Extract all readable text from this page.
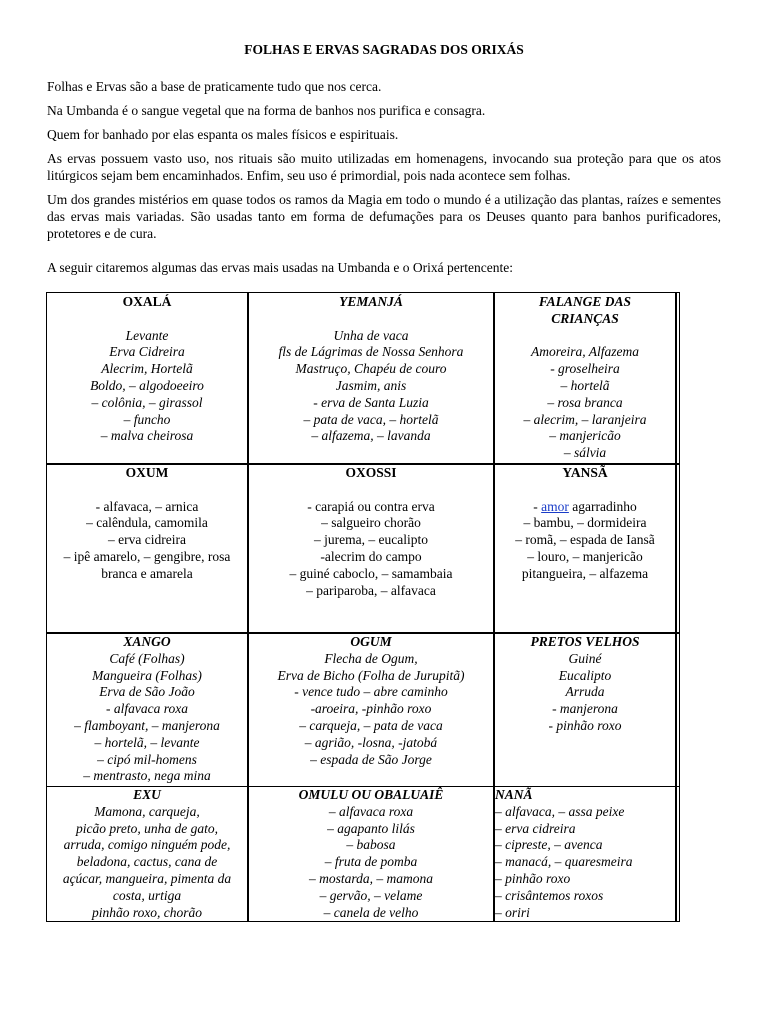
FOLHAS E ERVAS SAGRADAS DOS ORIXÁS

Folhas e Ervas são a base de praticamente tudo que nos cerca.

Na Umbanda é o sangue vegetal que na forma de banhos nos purifica e consagra.

Quem for banhado por elas espanta os males físicos e espirituais.

As ervas possuem vasto uso, nos rituais são muito utilizadas em homenagens, invocando sua proteção para que os atos litúrgicos sejam bem encaminhados. Enfim, seu uso é primordial, pois nada acontece sem folhas.

Um dos grandes mistérios em quase todos os ramos da Magia em todo o mundo é a utilização das plantas, raízes e sementes das ervas mais variadas. São usadas tanto em forma de defumações para os Deuses quanto para banhos purificadores, protetores e de cura.

A seguir citaremos algumas das ervas mais usadas na Umbanda e o Orixá pertencente:

OXALÁ
Levante
Erva Cidreira
Alecrim, Hortelã
Boldo, – algodoeeiro
– colônia, – girassol
– funcho
– malva cheirosa
YEMANJÁ
Unha de vaca
fls de Lágrimas de Nossa Senhora
Mastruço, Chapéu de couro
Jasmim, anis
- erva de Santa Luzia
– pata de vaca, – hortelã
– alfazema, – lavanda
FALANGE DAS
CRIANÇAS
Amoreira, Alfazema
- groselheira
– hortelã
– rosa branca
– alecrim, – laranjeira
– manjericão
– sálvia
OXUM
- alfavaca, – arnica
– calêndula, camomila
– erva cidreira
– ipê amarelo, – gengibre, rosa
branca e amarela
OXOSSI
- carapiá ou contra erva
– salgueiro chorão
– jurema, – eucalipto
-alecrim do campo
– guiné caboclo, – samambaia
– pariparoba, – alfavaca
YANSÃ
- amor agarradinho
– bambu, – dormideira
– romã, – espada de Iansã
– louro, – manjericão
pitangueira, – alfazema
XANGO
Café (Folhas)
Mangueira (Folhas)
Erva de São João
- alfavaca roxa
– flamboyant, – manjerona
– hortelã, – levante
– cipó mil-homens
– mentrasto, nega mina
OGUM
Flecha de Ogum,
Erva de Bicho (Folha de Jurupitã)
- vence tudo – abre caminho
-aroeira, -pinhão roxo
– carqueja, – pata de vaca
– agrião, -losna, -jatobá
– espada de São Jorge
PRETOS VELHOS
Guiné
Eucalipto
Arruda
- manjerona
- pinhão roxo
EXU
Mamona, carqueja,
picão preto, unha de gato,
arruda, comigo ninguém pode,
beladona, cactus, cana de
açúcar, mangueira, pimenta da
costa, urtiga
pinhão roxo, chorão
OMULU OU OBALUAIÊ
– alfavaca roxa
– agapanto lilás
– babosa
– fruta de pomba
– mostarda, – mamona
– gervão, – velame
– canela de velho
NANÃ
– alfavaca, – assa peixe
– erva cidreira
– cipreste, – avenca
– manacá, – quaresmeira
– pinhão roxo
– crisântemos roxos
– oriri
